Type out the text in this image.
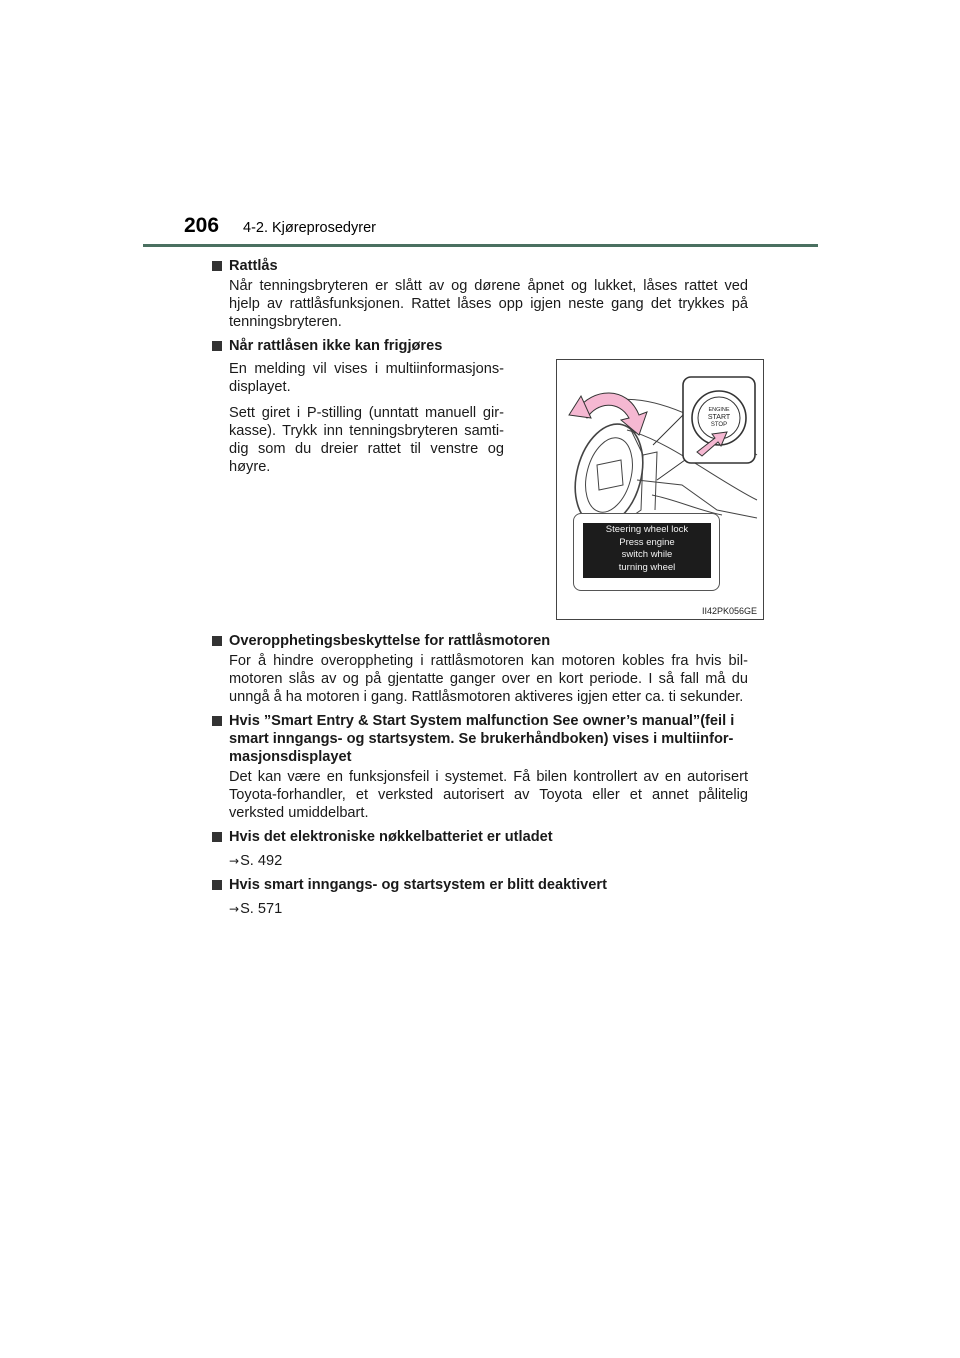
206 4-2. Kjøreprosedyrer
Rattlås
Når tenningsbryteren er slått av og dørene åpnet og lukket, låses rattet ved hjelp av rattlåsfunksjonen. Rattet låses opp igjen neste gang det trykkes på tenningsbryteren.
Når rattlåsen ikke kan frigjøres

En melding vil vises i multiinformasjons-displayet.

Sett giret i P-stilling (unntatt manuell gir-kasse). Trykk inn tenningsbryteren samti-dig som du dreier rattet til venstre og høyre.

ENGINE
START
STOP
Steering wheel lock
Press engine
switch while
turning wheel
II42PK056GE
Overopphetingsbeskyttelse for rattlåsmotoren
For å hindre overoppheting i rattlåsmotoren kan motoren kobles fra hvis bil-motoren slås av og på gjentatte ganger over en kort periode. I så fall må du unngå å ha motoren i gang. Rattlåsmotoren aktiveres igjen etter ca. ti sekunder.
Hvis ”Smart Entry & Start System malfunction See owner’s manual”(feil i smart inngangs- og startsystem. Se brukerhåndboken) vises i multiinfor-masjonsdisplayet
Det kan være en funksjonsfeil i systemet. Få bilen kontrollert av en autorisert Toyota-forhandler, et verksted autorisert av Toyota eller et annet pålitelig verksted umiddelbart.
Hvis det elektroniske nøkkelbatteriet er utladet
→S. 492
Hvis smart inngangs- og startsystem er blitt deaktivert
→S. 571
